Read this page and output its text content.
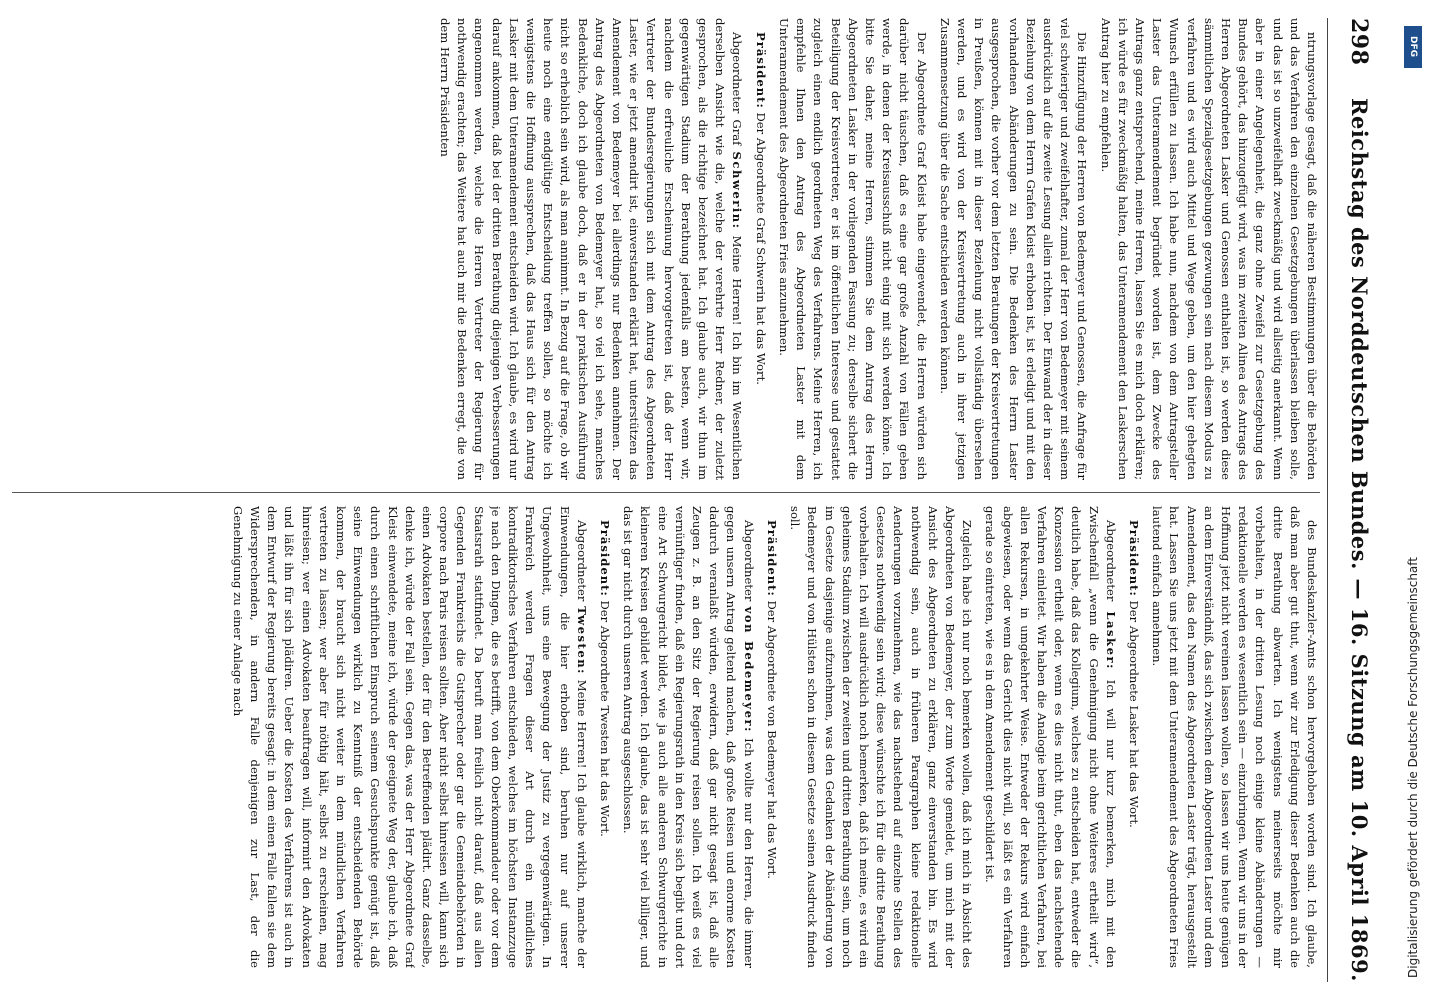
298
Reichstag des Norddeutschen Bundes.
— 16. Sitzung am 10. April 1869.

ntrungsvorlage gesagt, daß die näheren Bestimmungen über die Behörden und das Verfahren den einzelnen Gesetzgebungen überlassen bleiben solle, und das ist so unzweifelhaft zweckmäßig und wird allseitig anerkannt. Wenn aber in einer Angelegenheit, die ganz ohne Zweifel zur Gesetzgebung des Bundes gehört, das hinzugefügt wird, was im zweiten Alinea des Antrags des Herren Abgeordneten Lasker und Genossen enthalten ist, so werden diese sämmtlichen Spezialgesetzgebungen gezwungen sein nach diesem Modus zu verfahren und es wird auch Mittel und Wege geben, um den hier gehegten Wunsch erfüllen zu lassen. Ich habe nun, nachdem von dem Antragsteller Laster das Unteramendement begründet worden ist, dem Zwecke des Antrags ganz entsprechend, meine Herren, lassen Sie es mich doch erklären; ich würde es für zweckmäßig halten, das Unteramendement den Laskerschen Antrag hier zu empfehlen.

Die Hinzufügung der Herren von Bedemeyer und Genossen, die Anfrage für viel schwieriger und zweifelhafter, zumal der Herr von Bedemeyer mit seinem ausdrücklich auf die zweite Lesung allein richten. Der Einwand der in dieser Beziehung von dem Herrn Grafen Kleist erhoben ist, ist erledigt und mit den vorhandenen Abänderungen zu sein. Die Bedenken des Herrn Laster ausgesprochen, die vorher vor dem letzten Beratungen der Kreisvertretungen in Preußen, können mit in dieser Beziehung nicht vollständig übersehen werden, und es wird von der Kreisvertretung auch in ihrer jetzigen Zusammensetzung über die Sache entschieden werden können.

Der Abgeordnete Graf Kleist habe eingewendet, die Herren würden sich darüber nicht täuschen, daß es eine gar große Anzahl von Fällen geben werde, in denen der Kreisausschuß nicht einig mit sich werden könne. Ich bitte Sie daher, meine Herren, stimmen Sie dem Antrag des Herrn Abgeordneten Lasker in der vorliegenden Fassung zu; derselbe sichert die Beteiligung der Kreisvertreter, er ist im öffentlichen Interesse und gestattet zugleich einen endlich geordneten Weg des Verfahrens. Meine Herren, ich empfehle Ihnen den Antrag des Abgeordneten Laster mit dem Unteramendement des Abgeordneten Fries anzunehmen.

Präsident: Der Abgeordnete Graf Schwerin hat das Wort.

Abgeordneter Graf Schwerin: Meine Herren! Ich bin im Wesentlichen derselben Ansicht wie die, welche der verehrte Herr Redner, der zuletzt gesprochen, als die richtige bezeichnet hat. Ich glaube auch, wir thun im gegenwärtigen Stadium der Berathung jedenfalls am besten, wenn wir, nachdem die erfreuliche Erscheinung hervorgetreten ist, daß der Herr Vertreter der Bundesregierungen sich mit dem Antrag des Abgeordneten Laster, wie er jetzt amendirt ist, einverstanden erklärt hat, unterstützen das Amendement von Bedemeyer bei allerdings nur Bedenken annehmen. Der Antrag des Abgeordneten von Bedemeyer hat, so viel ich sehe, manches Bedenkliche, doch ich glaube doch, daß er in der praktischen Ausführung nicht so erheblich sein wird, als man annimmt. In Bezug auf die Frage, ob wir heute noch eine endgültige Entscheidung treffen sollen, so möchte ich wenigstens die Hoffnung aussprechen, daß das Haus sich für den Antrag Lasker mit dem Unteramendement entscheiden wird. Ich glaube, es wird nur darauf ankommen, daß bei der dritten Berathung diejenigen Verbesserungen angenommen werden, welche die Herren Vertreter der Regierung für nothwendig erachten; das Weitere hat auch mir die Bedenken erregt, die von dem Herrn Präsidenten

des Bundeskanzler-Amts schon hervorgehoben worden sind. Ich glaube, daß man aber gut thut, wenn wir zur Erledigung dieser Bedenken auch die dritte Berathung abwarten. Ich wenigstens meinerseits möchte mir vorbehalten, in der dritten Lesung noch einige kleine Abänderungen — redaktionelle werden es wesentlich sein — einzubringen. Wenn wir uns in der Hoffnung jetzt nicht vereinen lassen wollen, so lassen wir uns heute genügen an dem Einverständniß, das sich zwischen dem Abgeordneten Laster und dem Amendement, das den Namen des Abgeordneten Laster trägt, herausgestellt hat. Lassen Sie uns jetzt mit dem Unteramendement des Abgeordneten Fries lautend einfach annehmen.

Präsident: Der Abgeordnete Lasker hat das Wort.

Abgeordneter Lasker: Ich will nur kurz bemerken, mich mit den Zwischenfall „wenn die Genehmigung nicht ohne Weiteres ertheilt wird“, deutlich habe, daß das Kollegium, welches zu entscheiden hat, entweder die Konzession ertheilt oder, wenn es dies nicht thut, eben das nachstehende Verfahren einleitet. Wir haben die Analogie beim gerichtlichen Verfahren, bei allen Rekursen, in umgekehrter Weise. Entweder der Rekurs wird einfach abgewiesen, oder wenn das Gericht dies nicht will, so läßt es ein Verfahren gerade so eintreten, wie es in dem Amendement geschildert ist.

Zugleich habe ich nur noch bemerken wollen, daß ich mich in Absicht des Abgeordneten von Bedemeyer, der zum Worte gemeldet, um mich mit der Ansicht des Abgeordneten zu erklären, ganz einverstanden bin. Es wird nothwendig sein, auch in früheren Paragraphen kleine redaktionelle Aenderungen vorzunehmen, wie das nachstehend auf einzelne Stellen des Gesetzes nothwendig sein wird; diese wünschte ich für die dritte Berathung vorbehalten. Ich will ausdrücklich noch bemerken, daß ich meine, es wird ein geheimes Stadium zwischen der zweiten und dritten Berathung sein, um noch im Gesetze dasjenige aufzunehmen, was den Gedanken der Abänderung von Bedemeyer und von Hülsten schon in diesem Gesetze seinen Ausdruck finden soll.

Präsident: Der Abgeordnete von Bedemeyer hat das Wort.

Abgeordneter von Bedemeyer: Ich wollte nur den Herren, die immer gegen unsern Antrag geltend machen, daß große Reisen und enorme Kosten dadurch veranlaßt würden, erwidern, daß gar nicht gesagt ist, daß alle Zeugen z. B. an den Sitz der Regierung reisen sollen. Ich weiß es viel vernünftiger finden, daß ein Regierungsrath in den Kreis sich begibt und dort eine Art Schwurgericht bildet, wie ja auch alle anderen Schwurgerichte in kleineren Kreisen gebildet werden. Ich glaube, das ist sehr viel billiger, und das ist gar nicht durch unseren Antrag ausgeschlossen.

Präsident: Der Abgeordnete Twesten hat das Wort.

Abgeordneter Twesten: Meine Herren! Ich glaube wirklich, manche der Einwendungen, die hier erhoben sind, beruhen nur auf unserer Ungewohnheit, uns eine Bewegung der Justiz zu vergegenwärtigen. In Frankreich werden Fragen dieser Art durch ein mündliches kontradiktorisches Verfahren entschieden, welches im höchsten Instanzzuge je nach den Dingen, die es betrifft, von dem Oberkommandeur oder vor dem Staatsrath stattfindet. Da beruft man freilich nicht darauf, daß aus allen Gegenden Frankreichs die Gutsprecher oder gar die Gemeindebehörden in corpore nach Paris reisen sollten. Aber nicht selbst hinreisen will, kann sich einen Advokaten bestellen, der für den Betreffenden plädirt. Ganz dasselbe, denke ich, würde der Fall sein. Gegen das, was der Herr Abgeordnete Graf Kleist einwendete, meine ich, würde der geeignete Weg der, glaube ich, daß durch einen schriftlichen Einspruch seinem Gesuchspunkte genügt ist, daß seine Einwendungen wirklich zu Kenntniß der entscheidenden Behörde kommen, der braucht sich nicht weiter in dem mündlichen Verfahren vertreten zu lassen; wer aber für nöthig hält, selbst zu erscheinen, mag hinreisen; wer einen Advokaten beauftragen will, informirt den Advokaten und läßt ihn für sich plädiren. Ueber die Kosten des Verfahrens ist auch in dem Entwurf der Regierung bereits gesagt: in dem einen Falle fallen sie dem Widersprechenden, in andern Falle denjenigen zur Last, der die Genehmigung zu einer Anlage nach

DFG
Digitalisierung gefördert durch die Deutsche Forschungsgemeinschaft
